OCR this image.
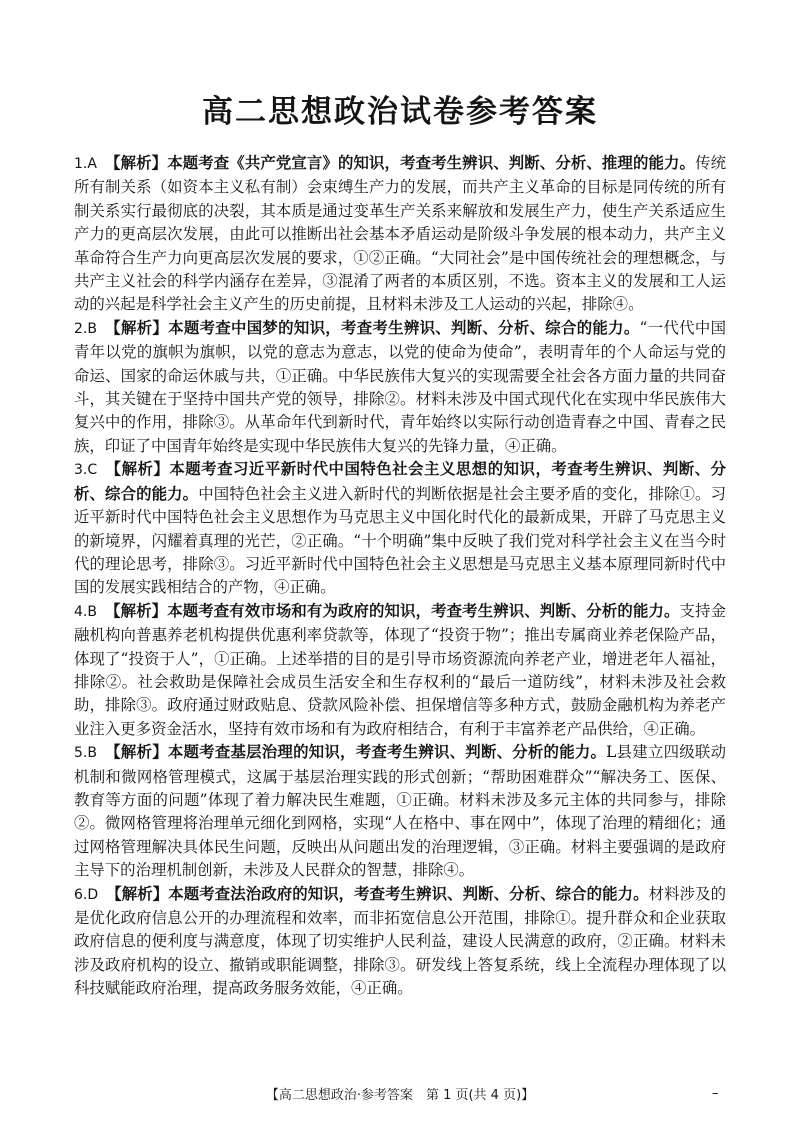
高二思想政治试卷参考答案

1.A 【解析】本题考查《共产党宣言》的知识，考查考生辨识、判断、分析、推理的能力。传统所有制关系（如资本主义私有制）会束缚生产力的发展，而共产主义革命的目标是同传统的所有制关系实行最彻底的决裂，其本质是通过变革生产关系来解放和发展生产力，使生产关系适应生产力的更高层次发展，由此可以推断出社会基本矛盾运动是阶级斗争发展的根本动力，共产主义革命符合生产力向更高层次发展的要求，①②正确。“大同社会”是中国传统社会的理想概念，与共产主义社会的科学内涵存在差异，③混淆了两者的本质区别，不选。资本主义的发展和工人运动的兴起是科学社会主义产生的历史前提，且材料未涉及工人运动的兴起，排除④。

2.B 【解析】本题考查中国梦的知识，考查考生辨识、判断、分析、综合的能力。“一代代中国青年以党的旗帜为旗帜，以党的意志为意志，以党的使命为使命”，表明青年的个人命运与党的命运、国家的命运休戚与共，①正确。中华民族伟大复兴的实现需要全社会各方面力量的共同奋斗，其关键在于坚持中国共产党的领导，排除②。材料未涉及中国式现代化在实现中华民族伟大复兴中的作用，排除③。从革命年代到新时代，青年始终以实际行动创造青春之中国、青春之民族，印证了中国青年始终是实现中华民族伟大复兴的先锋力量，④正确。

3.C 【解析】本题考查习近平新时代中国特色社会主义思想的知识，考查考生辨识、判断、分析、综合的能力。中国特色社会主义进入新时代的判断依据是社会主要矛盾的变化，排除①。习近平新时代中国特色社会主义思想作为马克思主义中国化时代化的最新成果，开辟了马克思主义的新境界，闪耀着真理的光芒，②正确。“十个明确”集中反映了我们党对科学社会主义在当今时代的理论思考，排除③。习近平新时代中国特色社会主义思想是马克思主义基本原理同新时代中国的发展实践相结合的产物，④正确。

4.B 【解析】本题考查有效市场和有为政府的知识，考查考生辨识、判断、分析的能力。支持金融机构向普惠养老机构提供优惠利率贷款等，体现了“投资于物”；推出专属商业养老保险产品，体现了“投资于人”，①正确。上述举措的目的是引导市场资源流向养老产业，增进老年人福祉，排除②。社会救助是保障社会成员生活安全和生存权利的“最后一道防线”，材料未涉及社会救助，排除③。政府通过财政贴息、贷款风险补偿、担保增信等多种方式，鼓励金融机构为养老产业注入更多资金活水，坚持有效市场和有为政府相结合，有利于丰富养老产品供给，④正确。

5.B 【解析】本题考查基层治理的知识，考查考生辨识、判断、分析的能力。L县建立四级联动机制和微网格管理模式，这属于基层治理实践的形式创新；“帮助困难群众”“解决务工、医保、教育等方面的问题”体现了着力解决民生难题，①正确。材料未涉及多元主体的共同参与，排除②。微网格管理将治理单元细化到网格，实现“人在格中、事在网中”，体现了治理的精细化；通过网格管理解决具体民生问题，反映出从问题出发的治理逻辑，③正确。材料主要强调的是政府主导下的治理机制创新，未涉及人民群众的智慧，排除④。

6.D 【解析】本题考查法治政府的知识，考查考生辨识、判断、分析、综合的能力。材料涉及的是优化政府信息公开的办理流程和效率，而非拓宽信息公开范围，排除①。提升群众和企业获取政府信息的便利度与满意度，体现了切实维护人民利益，建设人民满意的政府，②正确。材料未涉及政府机构的设立、撤销或职能调整，排除③。研发线上答复系统，线上全流程办理体现了以科技赋能政府治理，提高政务服务效能，④正确。

【高二思想政治·参考答案　第 1 页(共 4 页)】	–
